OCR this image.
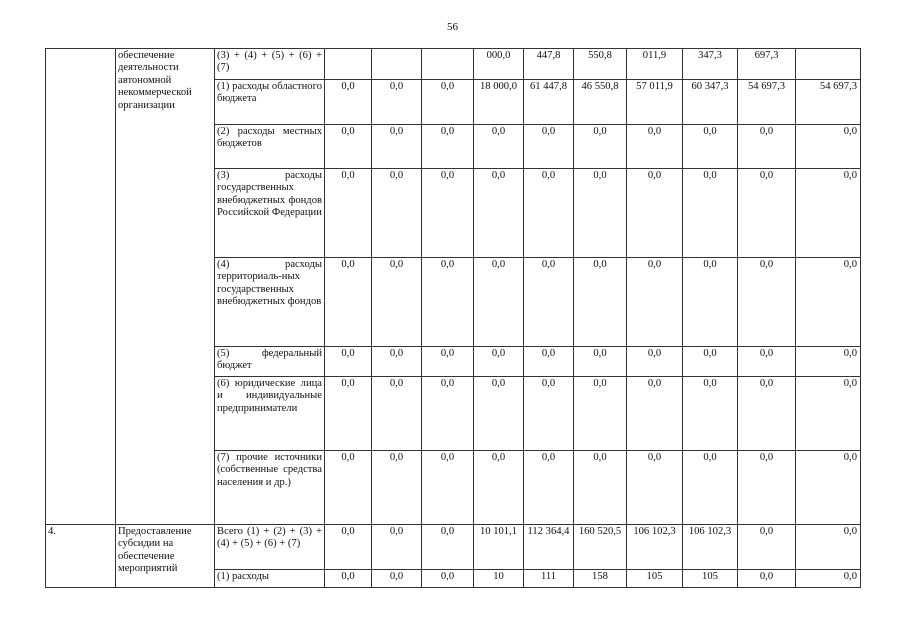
56
	обеспечение деятельности автономной некоммерческой организации	(3) + (4) + (5) + (6) + (7)				000,0	447,8	550,8	011,9	347,3	697,3	
		(1) расходы областного бюджета	0,0	0,0	0,0	18 000,0	61 447,8	46 550,8	57 011,9	60 347,3	54 697,3	54 697,3
		(2) расходы местных бюджетов	0,0	0,0	0,0	0,0	0,0	0,0	0,0	0,0	0,0	0,0
		(3) расходы государственных внебюджетных фондов Российской Федерации	0,0	0,0	0,0	0,0	0,0	0,0	0,0	0,0	0,0	0,0
		(4) расходы территориаль-ных государственных внебюджетных фондов	0,0	0,0	0,0	0,0	0,0	0,0	0,0	0,0	0,0	0,0
		(5) федеральный бюджет	0,0	0,0	0,0	0,0	0,0	0,0	0,0	0,0	0,0	0,0
		(6) юридические лица и индивидуальные предприниматели	0,0	0,0	0,0	0,0	0,0	0,0	0,0	0,0	0,0	0,0
		(7) прочие источники (собственные средства населения и др.)	0,0	0,0	0,0	0,0	0,0	0,0	0,0	0,0	0,0	0,0
4.	Предоставление субсидии на обеспечение мероприятий	Всего (1) + (2) + (3) + (4) + (5) + (6) + (7)	0,0	0,0	0,0	10 101,1	112 364,4	160 520,5	106 102,3	106 102,3	0,0	0,0
		(1) расходы	0,0	0,0	0,0	10	111	158	105	105	0,0	0,0
